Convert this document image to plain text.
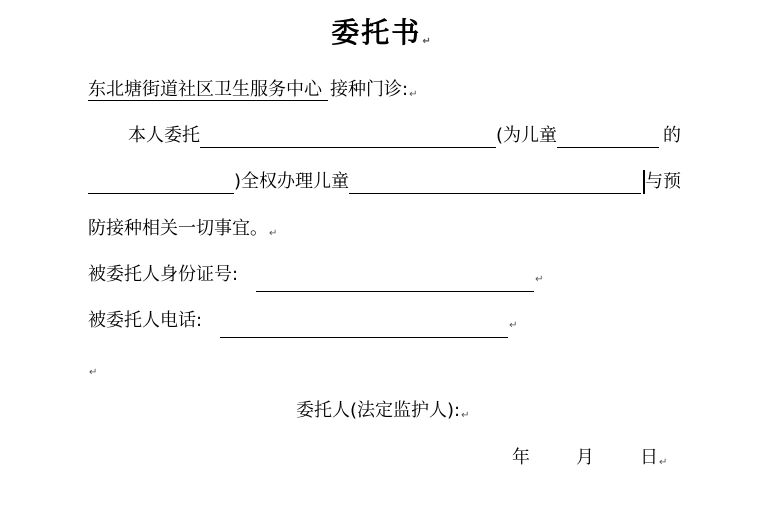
委托书↵
东北塘街道社区卫生服务中心 接种门诊:↵
本人委托	(为儿童	的
)全权办理儿童	与预
防接种相关一切事宜。↵
被委托人身份证号:	↵
被委托人电话:	↵
↵
委托人(法定监护人):↵
年	月	日↵
